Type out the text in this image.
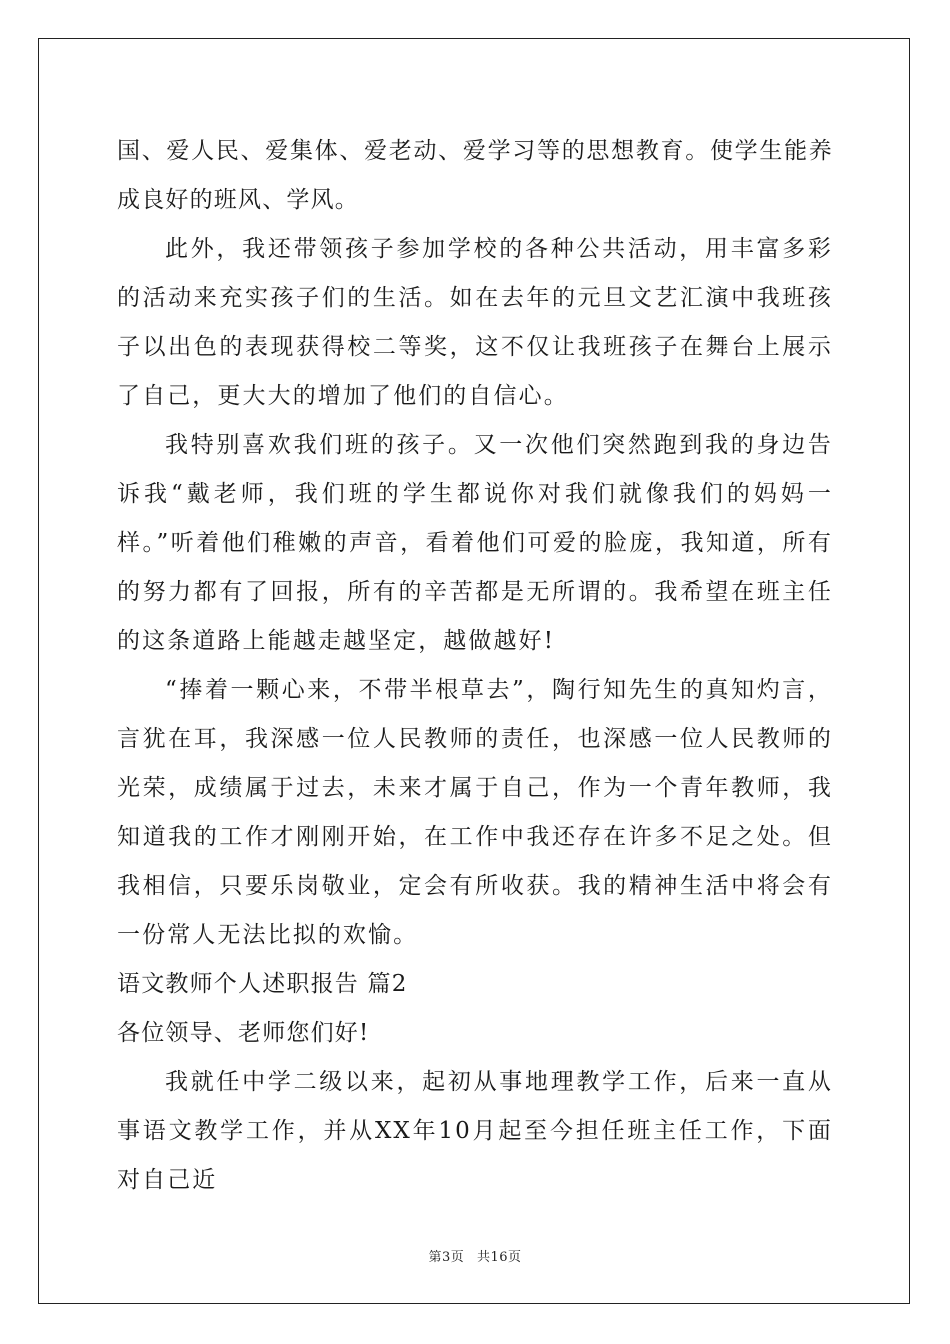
国、爱人民、爱集体、爱老动、爱学习等的思想教育。使学生能养成良好的班风、学风。

此外，我还带领孩子参加学校的各种公共活动，用丰富多彩的活动来充实孩子们的生活。如在去年的元旦文艺汇演中我班孩子以出色的表现获得校二等奖，这不仅让我班孩子在舞台上展示了自己，更大大的增加了他们的自信心。

我特别喜欢我们班的孩子。又一次他们突然跑到我的身边告诉我“戴老师，我们班的学生都说你对我们就像我们的妈妈一样。”听着他们稚嫩的声音，看着他们可爱的脸庞，我知道，所有的努力都有了回报，所有的辛苦都是无所谓的。我希望在班主任的这条道路上能越走越坚定，越做越好!

“捧着一颗心来，不带半根草去”，陶行知先生的真知灼言，言犹在耳，我深感一位人民教师的责任，也深感一位人民教师的光荣，成绩属于过去，未来才属于自己，作为一个青年教师，我知道我的工作才刚刚开始，在工作中我还存在许多不足之处。但我相信，只要乐岗敬业，定会有所收获。我的精神生活中将会有一份常人无法比拟的欢愉。

语文教师个人述职报告 篇2

各位领导、老师您们好!

我就任中学二级以来，起初从事地理教学工作，后来一直从事语文教学工作，并从XX年10月起至今担任班主任工作，下面对自己近

第3页 共16页
